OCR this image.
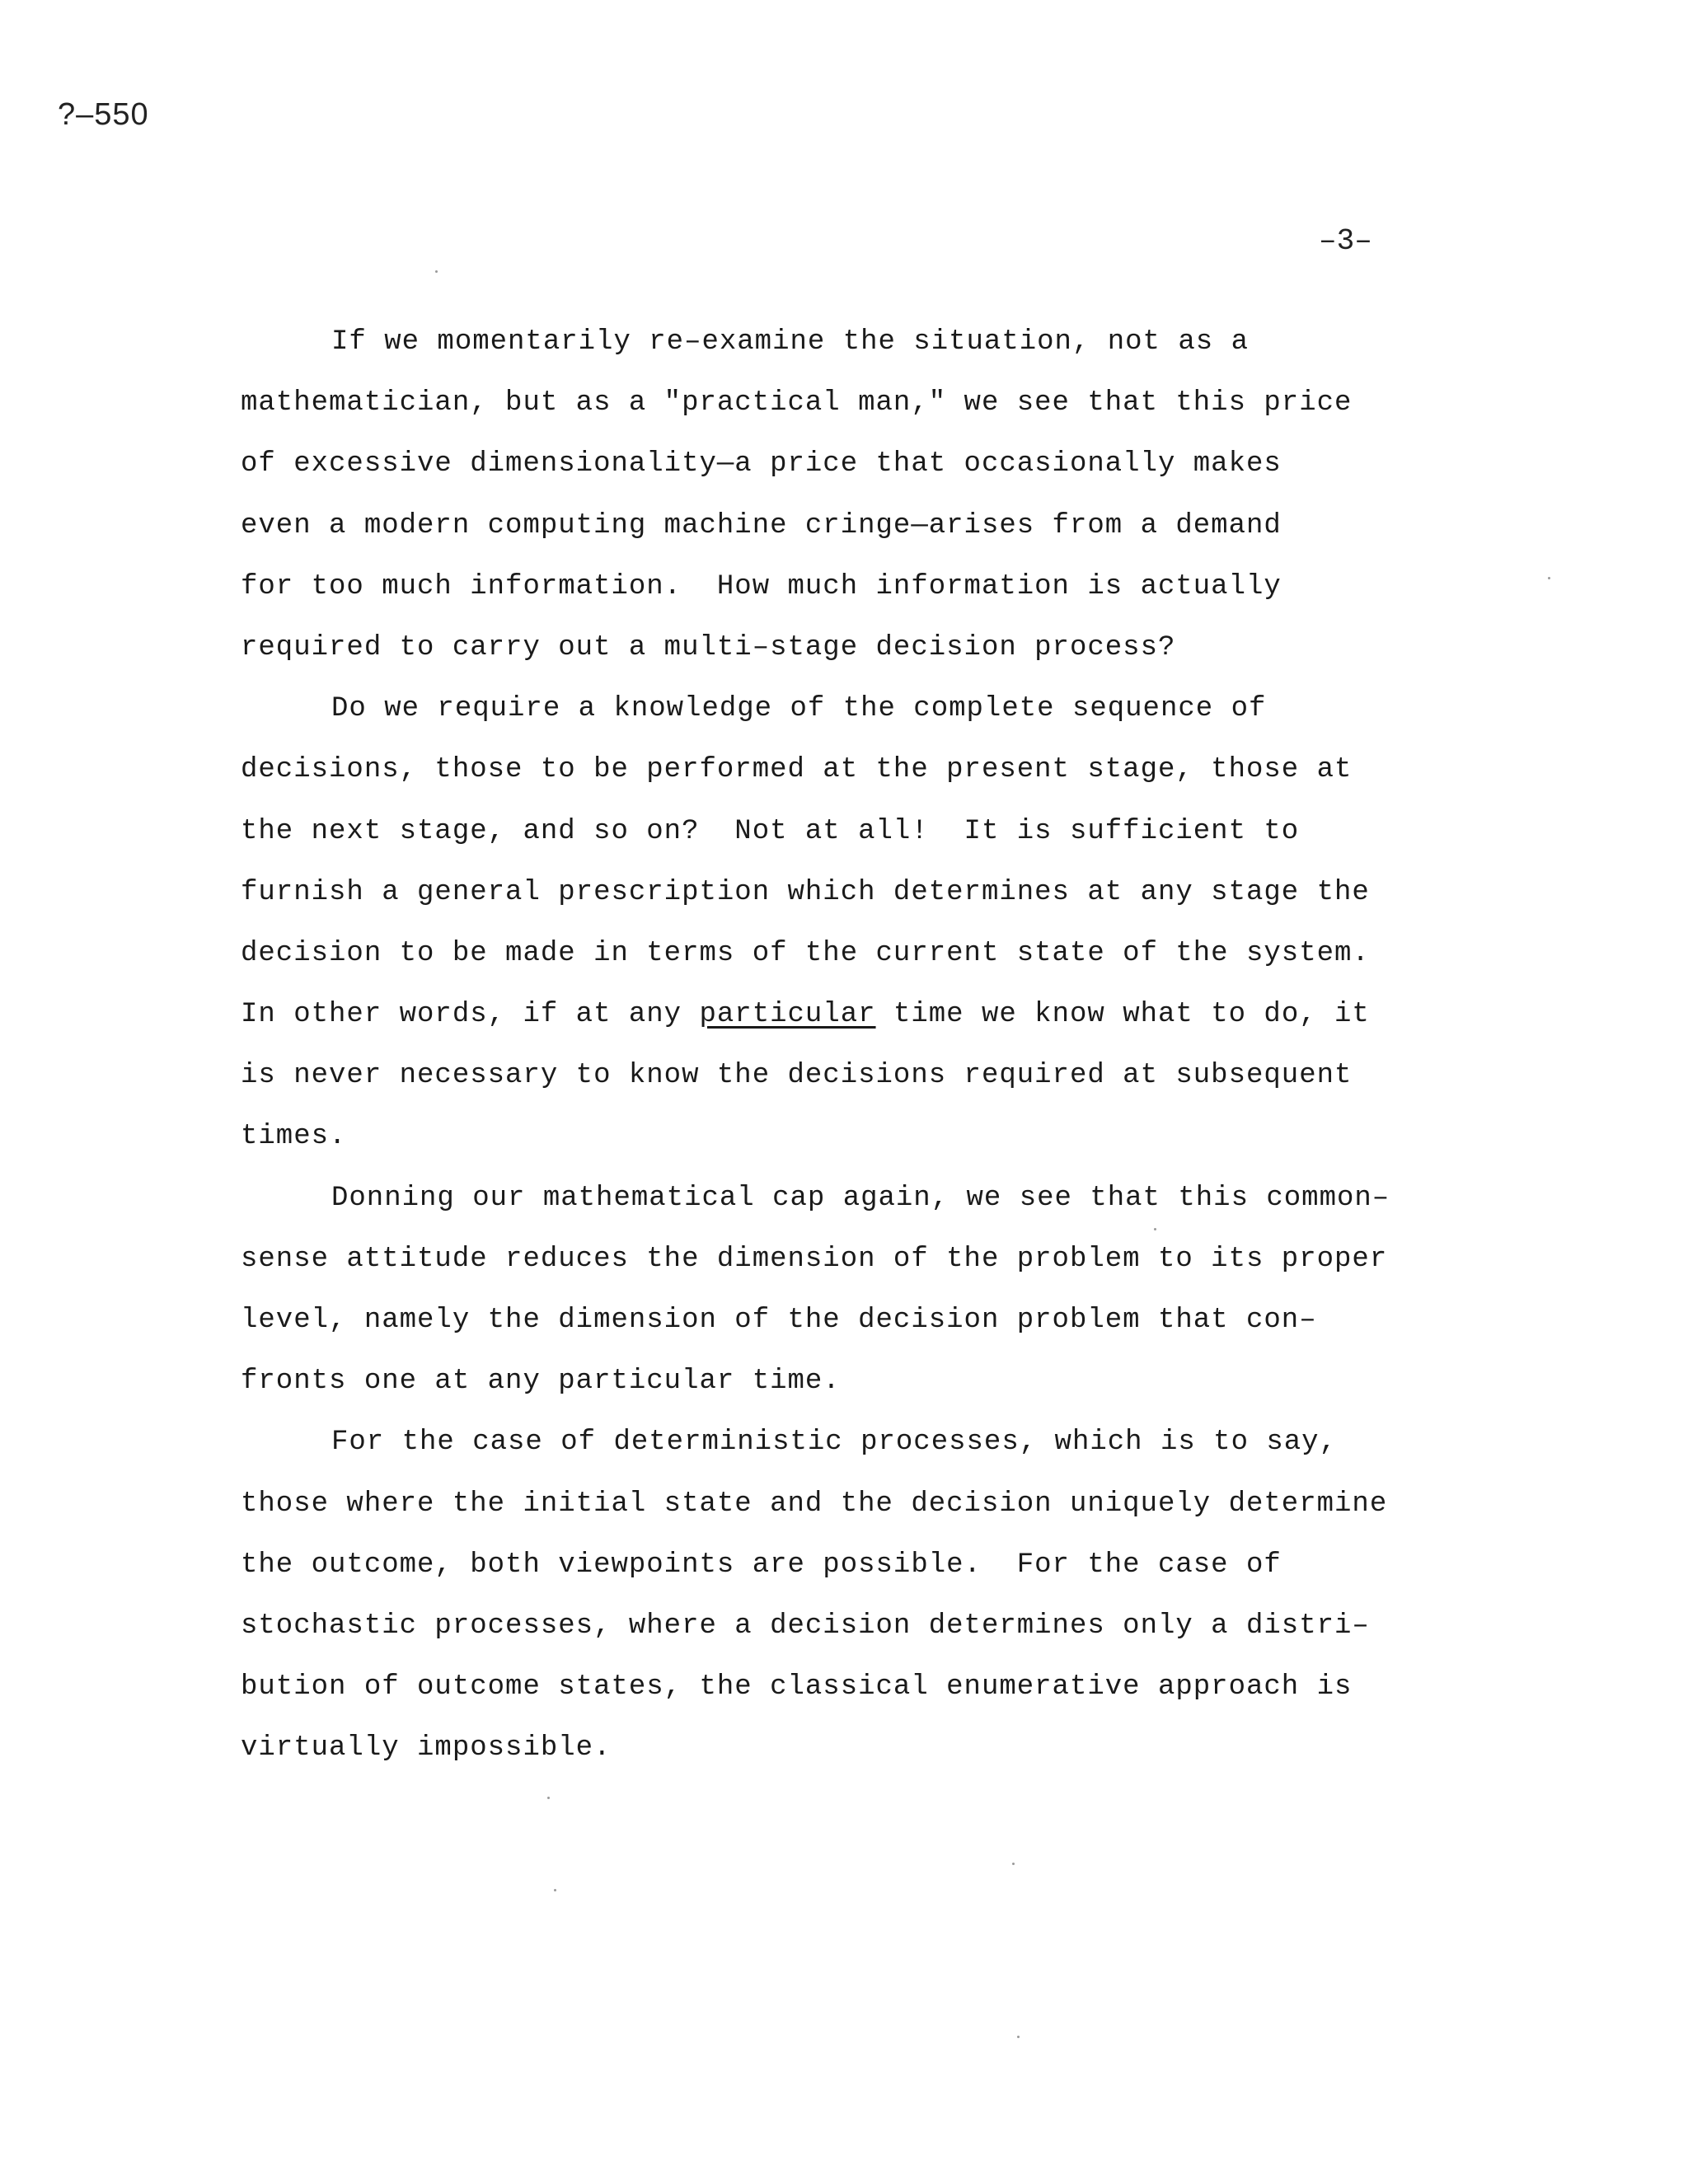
?–550
–3–
If we momentarily re–examine the situation, not as a
mathematician, but as a "practical man," we see that this price
of excessive dimensionality—a price that occasionally makes
even a modern computing machine cringe—arises from a demand
for too much information.  How much information is actually
required to carry out a multi–stage decision process?
Do we require a knowledge of the complete sequence of
decisions, those to be performed at the present stage, those at
the next stage, and so on?  Not at all!  It is sufficient to
furnish a general prescription which determines at any stage the
decision to be made in terms of the current state of the system.
In other words, if at any particular time we know what to do, it
is never necessary to know the decisions required at subsequent
times.
Donning our mathematical cap again, we see that this common–
sense attitude reduces the dimension of the problem to its proper
level, namely the dimension of the decision problem that con–
fronts one at any particular time.
For the case of deterministic processes, which is to say,
those where the initial state and the decision uniquely determine
the outcome, both viewpoints are possible.  For the case of
stochastic processes, where a decision determines only a distri–
bution of outcome states, the classical enumerative approach is
virtually impossible.
